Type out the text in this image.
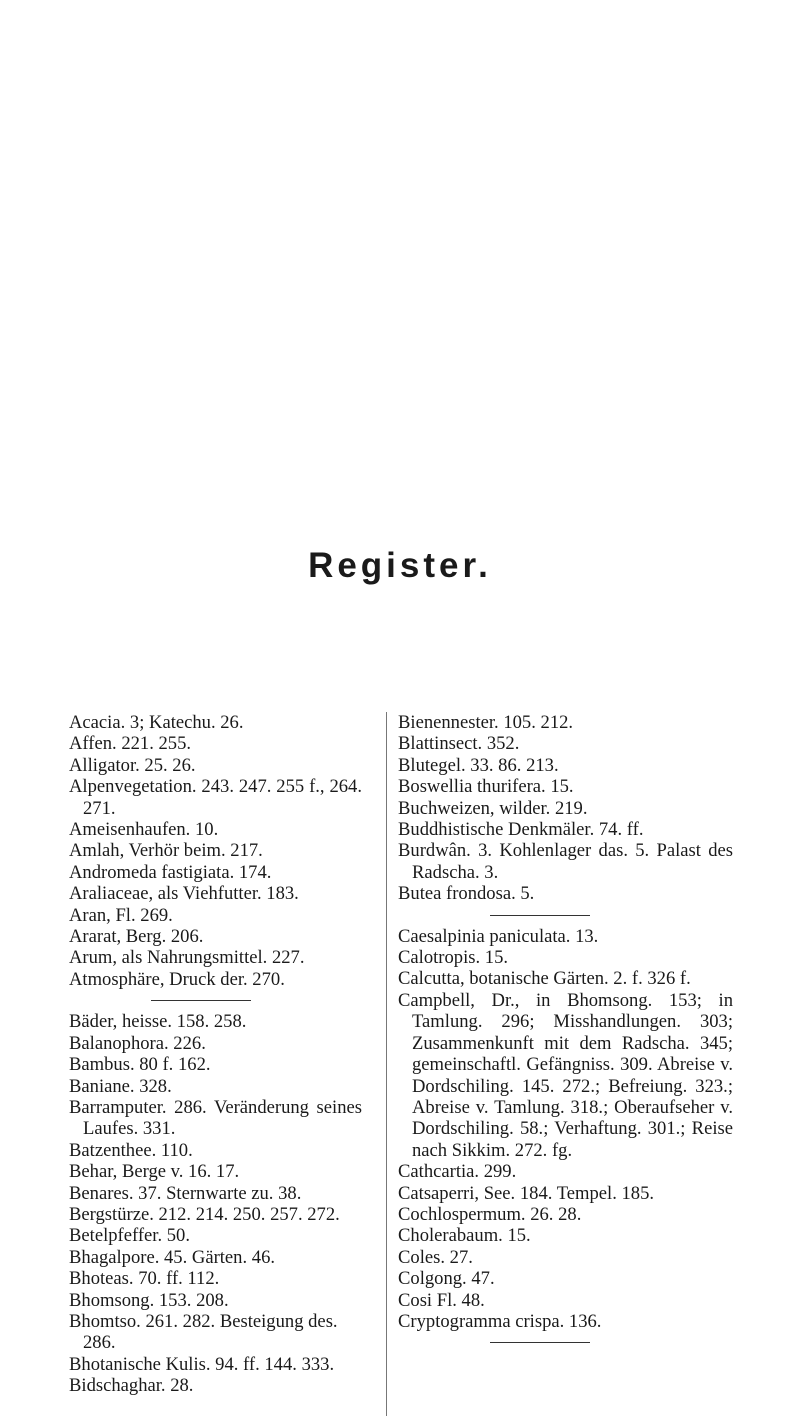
Register.

Acacia. 3; Katechu. 26.

Affen. 221. 255.

Alligator. 25. 26.

Alpenvegetation. 243. 247. 255 f., 264. 271.

Ameisenhaufen. 10.

Amlah, Verhör beim. 217.

Andromeda fastigiata. 174.

Araliaceae, als Viehfutter. 183.

Aran, Fl. 269.

Ararat, Berg. 206.

Arum, als Nahrungsmittel. 227.

Atmosphäre, Druck der. 270.

Bäder, heisse. 158. 258.

Balanophora. 226.

Bambus. 80 f. 162.

Baniane. 328.

Barramputer. 286. Veränderung seines Laufes. 331.

Batzenthee. 110.

Behar, Berge v. 16. 17.

Benares. 37. Sternwarte zu. 38.

Bergstürze. 212. 214. 250. 257. 272.

Betelpfeffer. 50.

Bhagalpore. 45. Gärten. 46.

Bhoteas. 70. ff. 112.

Bhomsong. 153. 208.

Bhomtso. 261. 282. Besteigung des. 286.

Bhotanische Kulis. 94. ff. 144. 333.

Bidschaghar. 28.

Bienennester. 105. 212.

Blattinsect. 352.

Blutegel. 33. 86. 213.

Boswellia thurifera. 15.

Buchweizen, wilder. 219.

Buddhistische Denkmäler. 74. ff.

Burdwân. 3. Kohlenlager das. 5. Palast des Radscha. 3.

Butea frondosa. 5.

Caesalpinia paniculata. 13.

Calotropis. 15.

Calcutta, botanische Gärten. 2. f. 326 f.

Campbell, Dr., in Bhomsong. 153; in Tamlung. 296; Misshandlungen. 303; Zusammenkunft mit dem Radscha. 345; gemeinschaftl. Gefängniss. 309. Abreise v. Dordschiling. 145. 272.; Befreiung. 323.; Abreise v. Tamlung. 318.; Oberaufseher v. Dordschiling. 58.; Verhaftung. 301.; Reise nach Sikkim. 272. fg.

Cathcartia. 299.

Catsaperri, See. 184. Tempel. 185.

Cochlospermum. 26. 28.

Cholerabaum. 15.

Coles. 27.

Colgong. 47.

Cosi Fl. 48.

Cryptogramma crispa. 136.
